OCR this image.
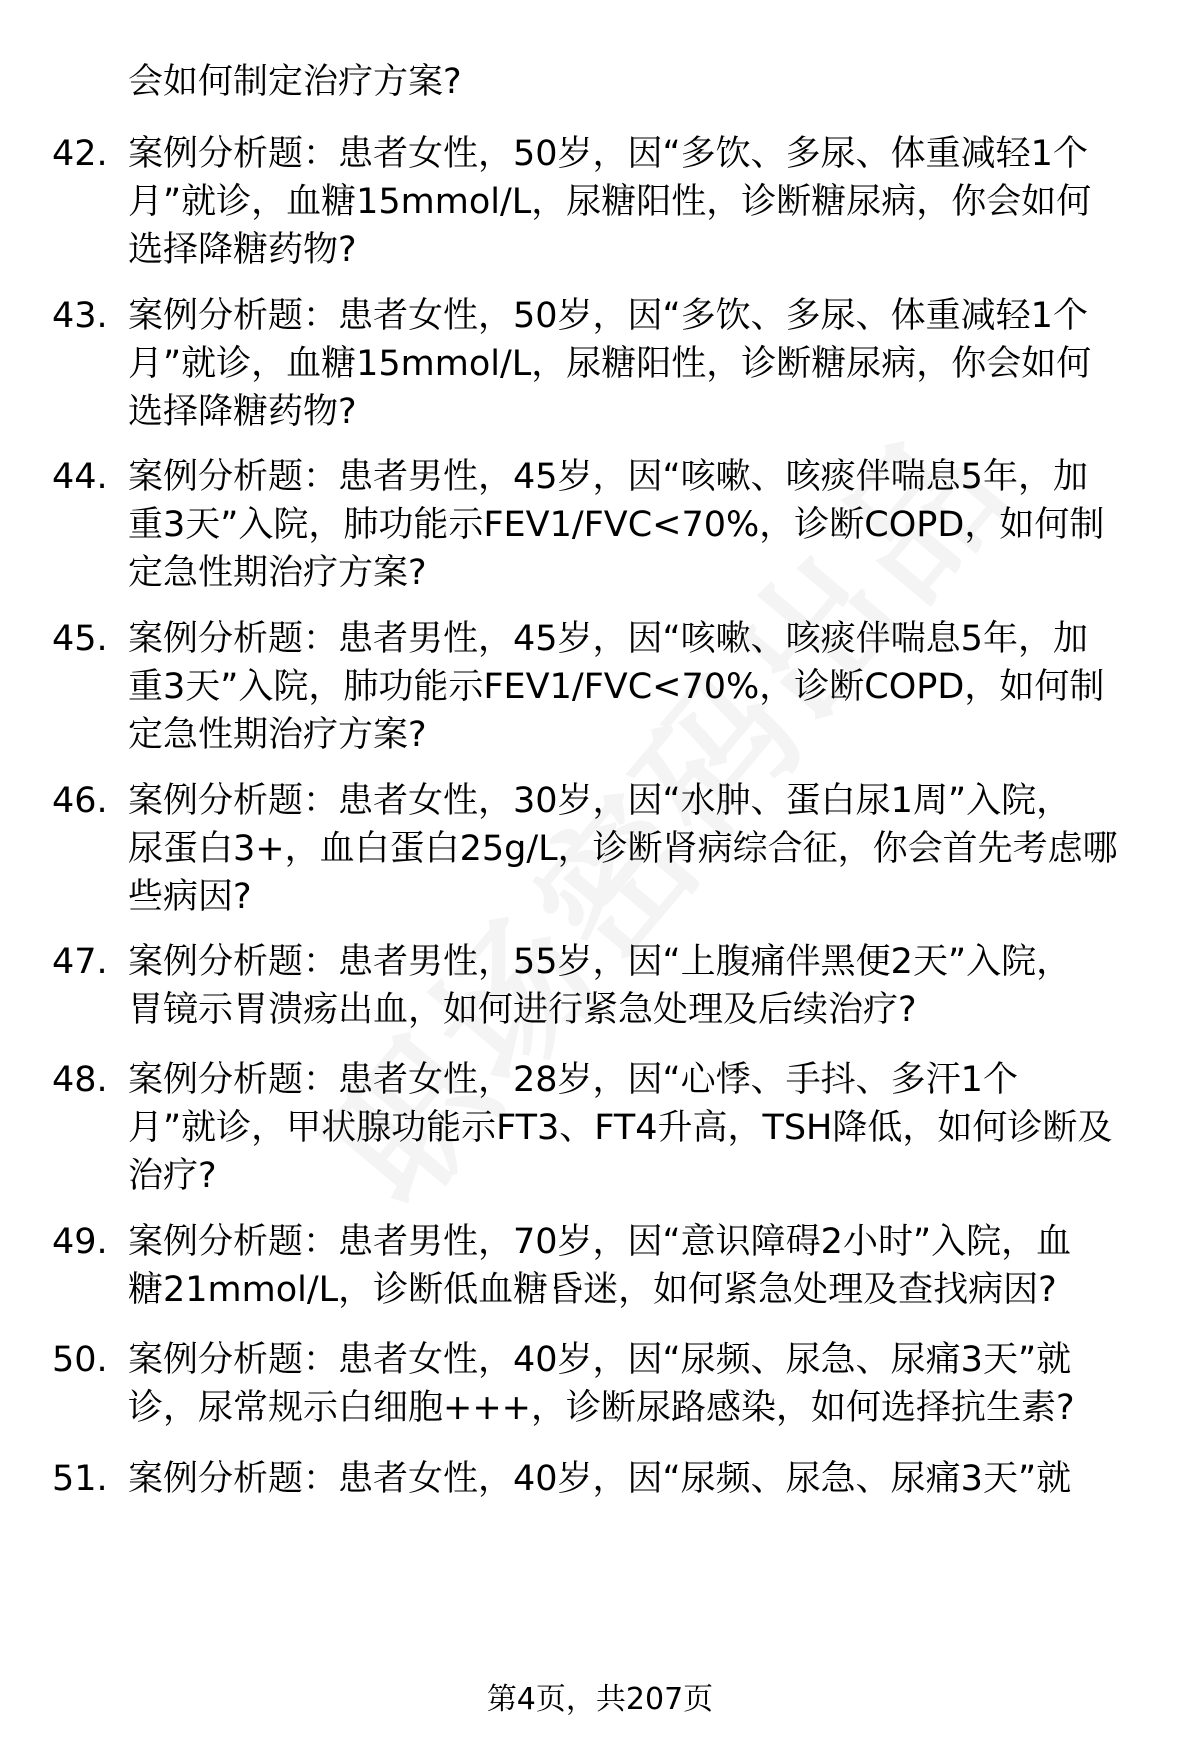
会如何制定治疗方案?
42. 案例分析题：患者女性，50岁，因“多饮、多尿、体重减轻1个
月”就诊，血糖15mmol/L，尿糖阳性，诊断糖尿病，你会如何
选择降糖药物?
43. 案例分析题：患者女性，50岁，因“多饮、多尿、体重减轻1个
月”就诊，血糖15mmol/L，尿糖阳性，诊断糖尿病，你会如何
选择降糖药物?
44. 案例分析题：患者男性，45岁，因“咳嗽、咳痰伴喘息5年，加
重3天”入院，肺功能示FEV1/FVC<70%，诊断COPD，如何制
定急性期治疗方案?
45. 案例分析题：患者男性，45岁，因“咳嗽、咳痰伴喘息5年，加
重3天”入院，肺功能示FEV1/FVC<70%，诊断COPD，如何制
定急性期治疗方案?
46. 案例分析题：患者女性，30岁，因“水肿、蛋白尿1周”入院，
尿蛋白3+，血白蛋白25g/L，诊断肾病综合征，你会首先考虑哪
些病因?
47. 案例分析题：患者男性，55岁，因“上腹痛伴黑便2天”入院，
胃镜示胃溃疡出血，如何进行紧急处理及后续治疗?
48. 案例分析题：患者女性，28岁，因“心悸、手抖、多汗1个
月”就诊，甲状腺功能示FT3、FT4升高，TSH降低，如何诊断及
治疗?
49. 案例分析题：患者男性，70岁，因“意识障碍2小时”入院，血
糖21mmol/L，诊断低血糖昏迷，如何紧急处理及查找病因?
50. 案例分析题：患者女性，40岁，因“尿频、尿急、尿痛3天”就
诊，尿常规示白细胞+++，诊断尿路感染，如何选择抗生素?
51. 案例分析题：患者女性，40岁，因“尿频、尿急、尿痛3天”就
第4页，共207页
